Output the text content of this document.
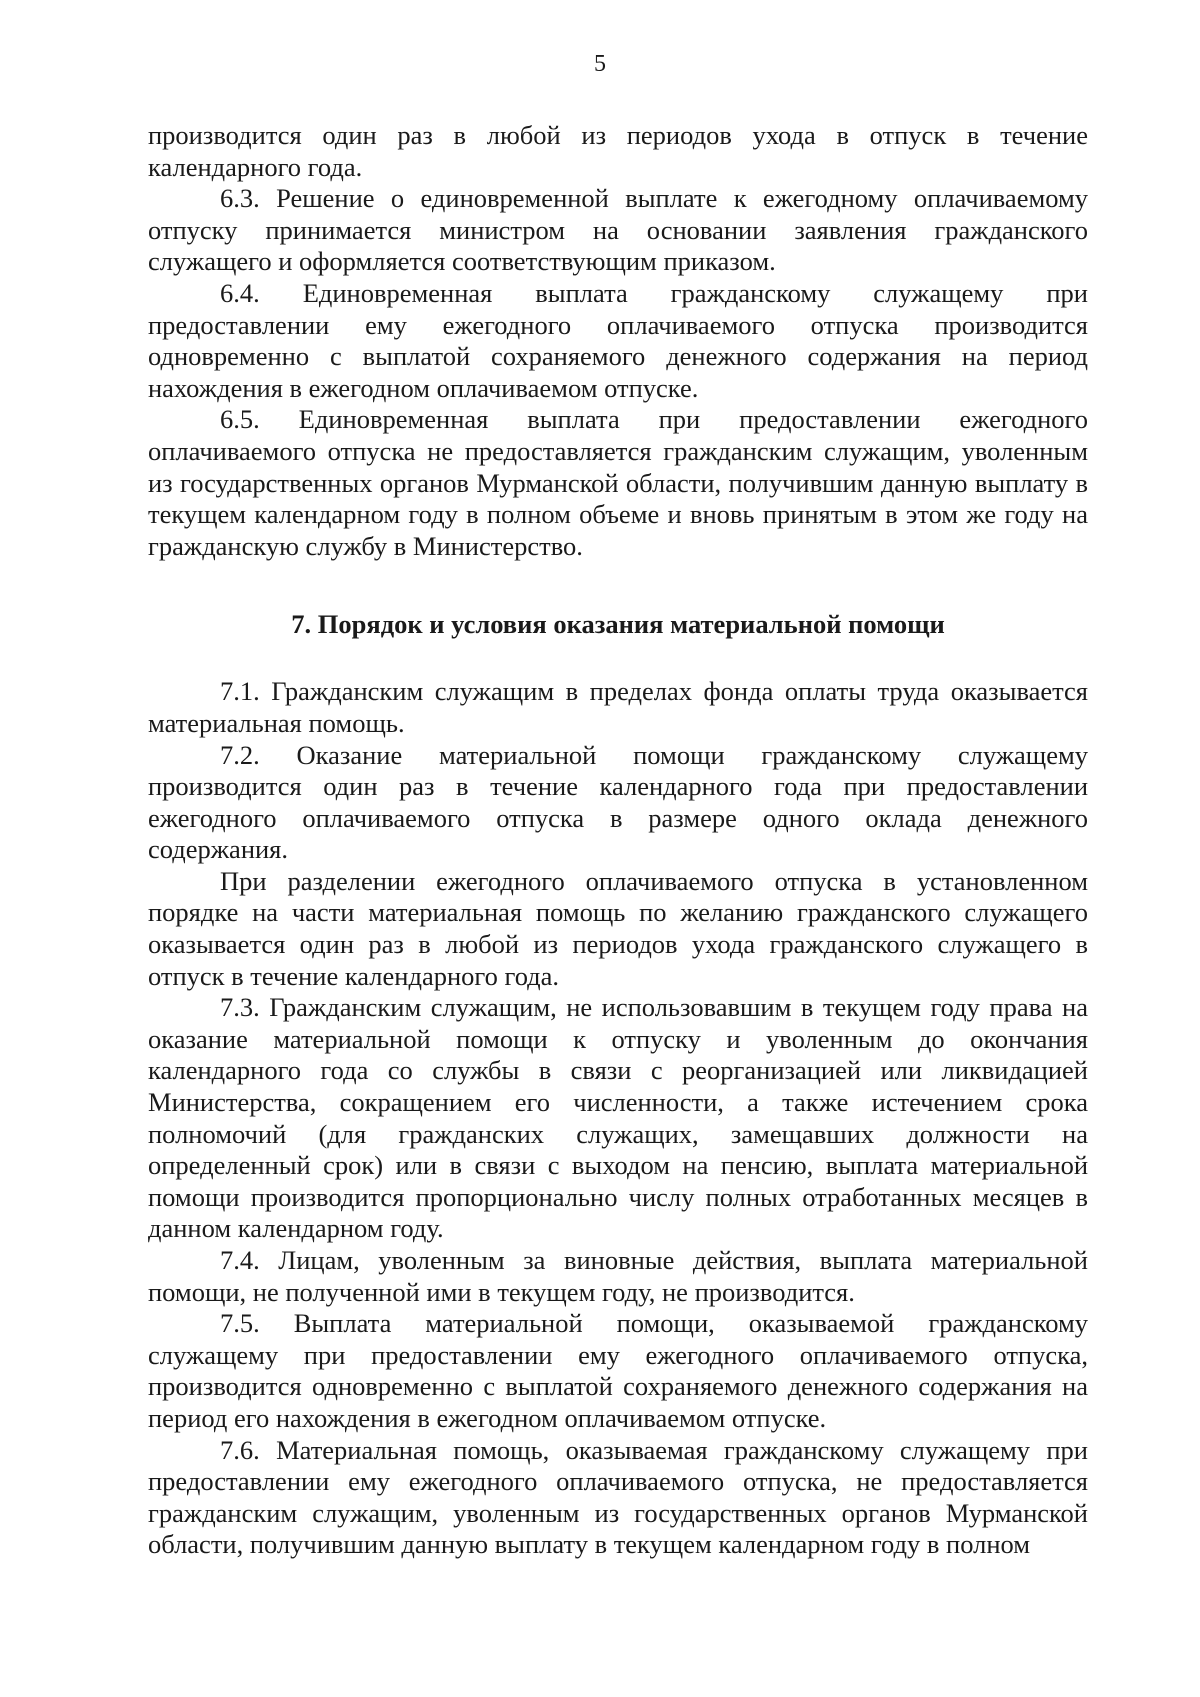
5

производится один раз в любой из периодов ухода в отпуск в течение календарного года.

6.3. Решение о единовременной выплате к ежегодному оплачиваемому отпуску принимается министром на основании заявления гражданского служащего и оформляется соответствующим приказом.

6.4. Единовременная выплата гражданскому служащему при предоставлении ему ежегодного оплачиваемого отпуска производится одновременно с выплатой сохраняемого денежного содержания на период нахождения в ежегодном оплачиваемом отпуске.

6.5. Единовременная выплата при предоставлении ежегодного оплачиваемого отпуска не предоставляется гражданским служащим, уволенным из государственных органов Мурманской области, получившим данную выплату в текущем календарном году в полном объеме и вновь принятым в этом же году на гражданскую службу в Министерство.

7. Порядок и условия оказания материальной помощи

7.1. Гражданским служащим в пределах фонда оплаты труда оказывается материальная помощь.

7.2. Оказание материальной помощи гражданскому служащему производится один раз в течение календарного года при предоставлении ежегодного оплачиваемого отпуска в размере одного оклада денежного содержания.

При разделении ежегодного оплачиваемого отпуска в установленном порядке на части материальная помощь по желанию гражданского служащего оказывается один раз в любой из периодов ухода гражданского служащего в отпуск в течение календарного года.

7.3. Гражданским служащим, не использовавшим в текущем году права на оказание материальной помощи к отпуску и уволенным до окончания календарного года со службы в связи с реорганизацией или ликвидацией Министерства, сокращением его численности, а также истечением срока полномочий (для гражданских служащих, замещавших должности на определенный срок) или в связи с выходом на пенсию, выплата материальной помощи производится пропорционально числу полных отработанных месяцев в данном календарном году.

7.4. Лицам, уволенным за виновные действия, выплата материальной помощи, не полученной ими в текущем году, не производится.

7.5. Выплата материальной помощи, оказываемой гражданскому служащему при предоставлении ему ежегодного оплачиваемого отпуска, производится одновременно с выплатой сохраняемого денежного содержания на период его нахождения в ежегодном оплачиваемом отпуске.

7.6. Материальная помощь, оказываемая гражданскому служащему при предоставлении ему ежегодного оплачиваемого отпуска, не предоставляется гражданским служащим, уволенным из государственных органов Мурманской области, получившим данную выплату в текущем календарном году в полном
